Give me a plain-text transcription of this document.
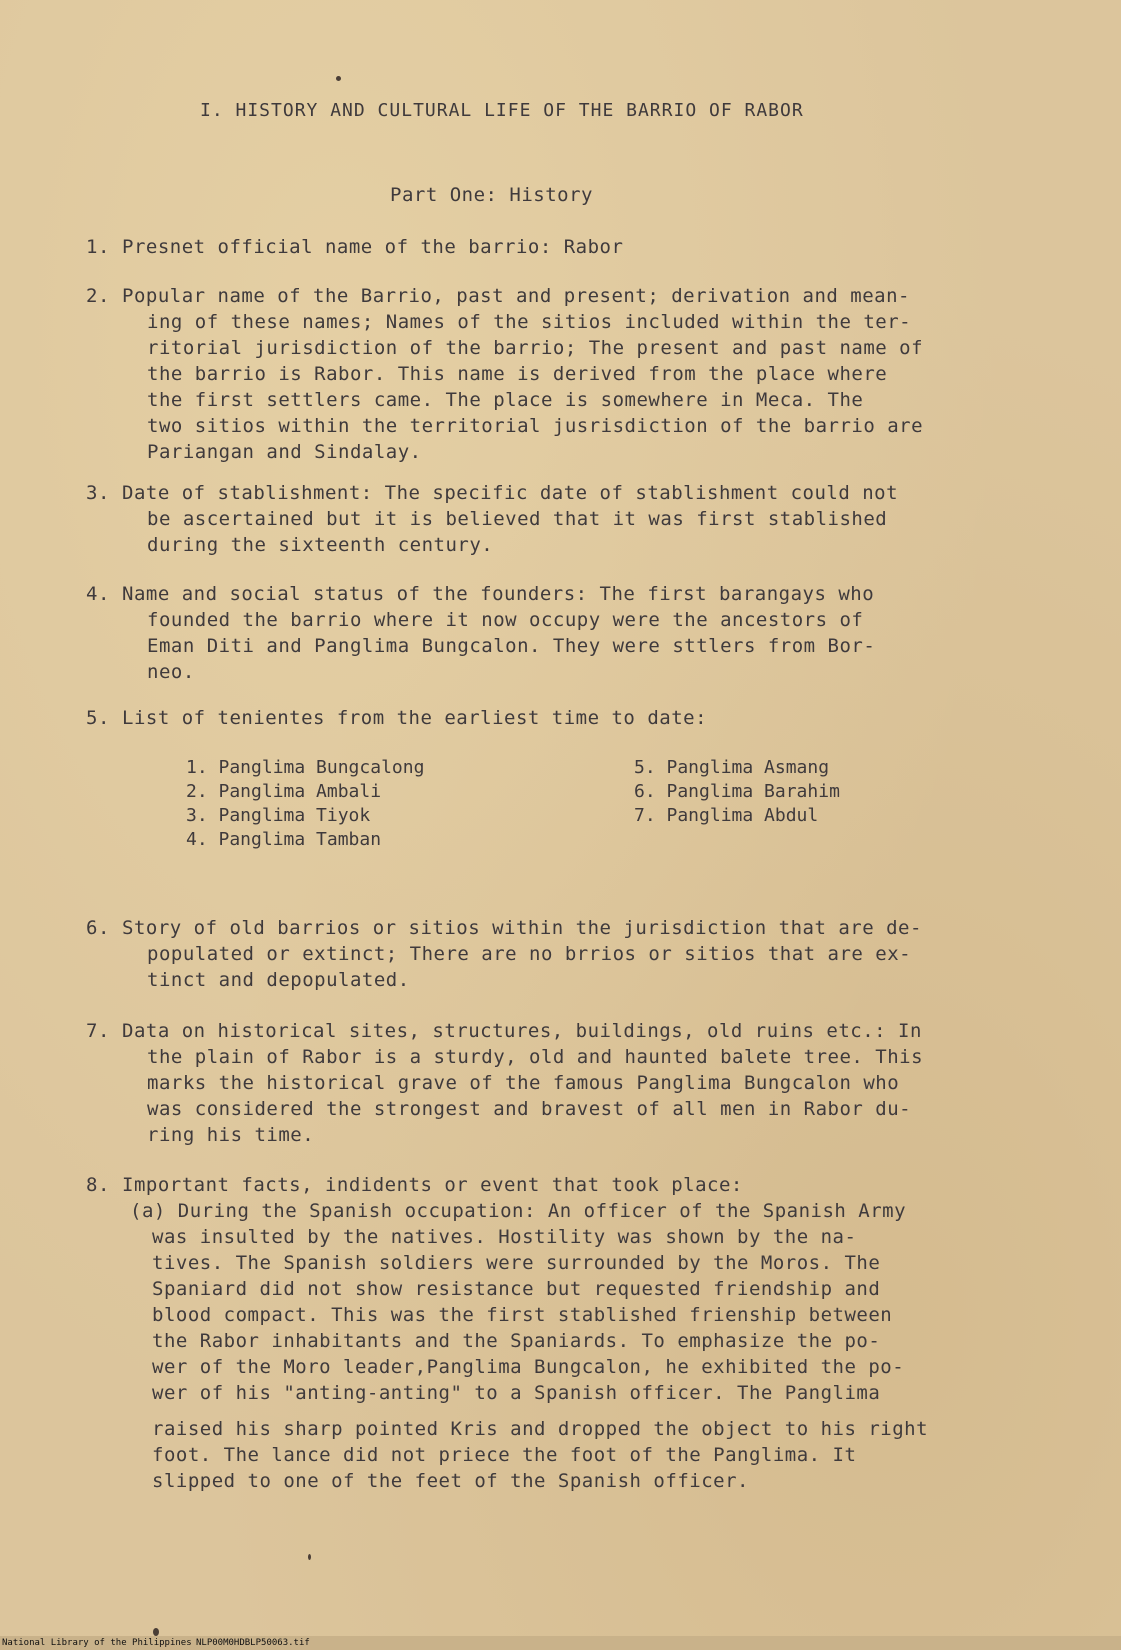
I. HISTORY AND CULTURAL LIFE OF THE BARRIO OF RABOR
Part One: History
1. Presnet official name of the barrio: Rabor
2. Popular name of the Barrio, past and present; derivation and mean-
ing of these names; Names of the sitios included within the ter-
ritorial jurisdiction of the barrio; The present and past name of
the barrio is Rabor. This name is derived from the place where
the first settlers came. The place is somewhere in Meca. The
two sitios within the territorial jusrisdiction of the barrio are
Pariangan and Sindalay.
3. Date of stablishment: The specific date of stablishment could not
be ascertained but it is believed that it was first stablished
during the sixteenth century.
4. Name and social status of the founders: The first barangays who
founded the barrio where it now occupy were the ancestors of
Eman Diti and Panglima Bungcalon. They were sttlers from Bor-
neo.
5. List of tenientes from the earliest time to date:
1. Panglima Bungcalong
2. Panglima Ambali
3. Panglima Tiyok
4. Panglima Tamban
5. Panglima Asmang
6. Panglima Barahim
7. Panglima Abdul
6. Story of old barrios or sitios within the jurisdiction that are de-
populated or extinct; There are no brrios or sitios that are ex-
tinct and depopulated.
7. Data on historical sites, structures, buildings, old ruins etc.: In
the plain of Rabor is a sturdy, old and haunted balete tree. This
marks the historical grave of the famous Panglima Bungcalon who
was considered the strongest and bravest of all men in Rabor du-
ring his time.
8. Important facts, indidents or event that took place:
(a) During the Spanish occupation: An officer of the Spanish Army
was insulted by the natives. Hostility was shown by the na-
tives. The Spanish soldiers were surrounded by the Moros. The
Spaniard did not show resistance but requested friendship and
blood compact. This was the first stablished frienship between
the Rabor inhabitants and the Spaniards. To emphasize the po-
wer of the Moro leader,Panglima Bungcalon, he exhibited the po-
wer of his "anting-anting" to a Spanish officer. The Panglima
raised his sharp pointed Kris and dropped the object to his right
foot. The lance did not priece the foot of the Panglima. It
slipped to one of the feet of the Spanish officer.
National Library of the Philippines NLP00M0HDBLP50063.tif
